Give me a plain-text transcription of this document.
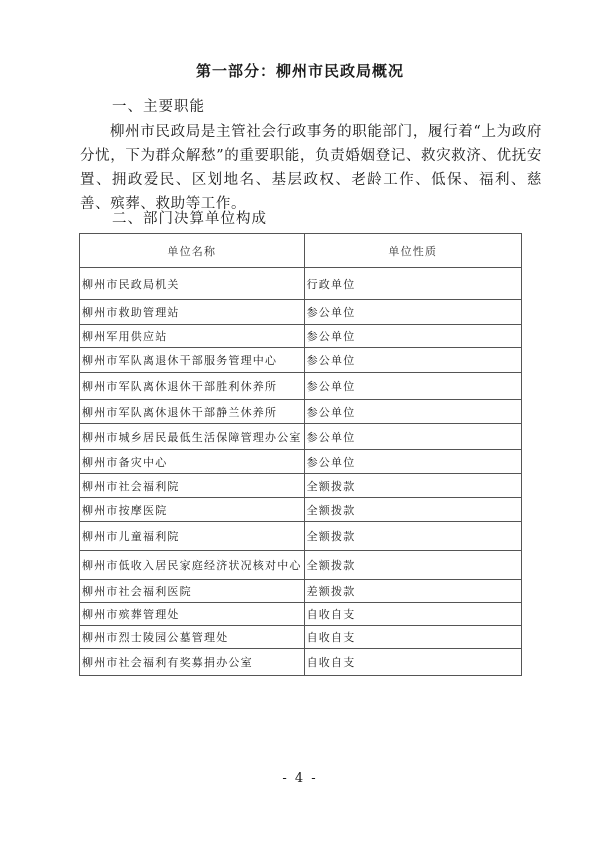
第一部分：柳州市民政局概况
一、主要职能
柳州市民政局是主管社会行政事务的职能部门，履行着“上为政府分忧，下为群众解愁”的重要职能，负责婚姻登记、救灾救济、优抚安置、拥政爱民、区划地名、基层政权、老龄工作、低保、福利、慈善、殡葬、救助等工作。
二、部门决算单位构成
单位名称	单位性质
柳州市民政局机关	行政单位
柳州市救助管理站	参公单位
柳州军用供应站	参公单位
柳州市军队离退休干部服务管理中心	参公单位
柳州市军队离休退休干部胜利休养所	参公单位
柳州市军队离休退休干部静兰休养所	参公单位
柳州市城乡居民最低生活保障管理办公室	参公单位
柳州市备灾中心	参公单位
柳州市社会福利院	全额拨款
柳州市按摩医院	全额拨款
柳州市儿童福利院	全额拨款
柳州市低收入居民家庭经济状况核对中心	全额拨款
柳州市社会福利医院	差额拨款
柳州市殡葬管理处	自收自支
柳州市烈士陵园公墓管理处	自收自支
柳州市社会福利有奖募捐办公室	自收自支
- 4 -
